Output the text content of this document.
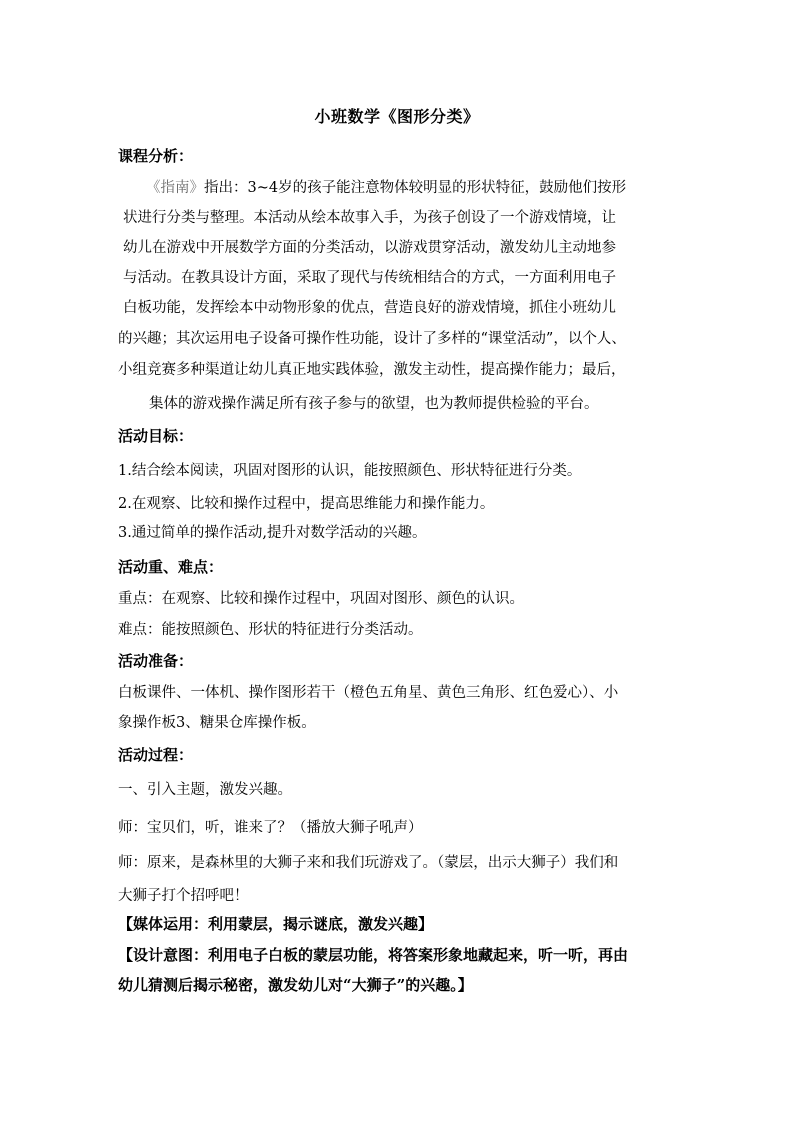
小班数学《图形分类》

课程分析：

《指南》指出：3~4岁的孩子能注意物体较明显的形状特征，鼓励他们按形

状进行分类与整理。本活动从绘本故事入手，为孩子创设了一个游戏情境，让

幼儿在游戏中开展数学方面的分类活动，以游戏贯穿活动，激发幼儿主动地参

与活动。在教具设计方面，采取了现代与传统相结合的方式，一方面利用电子

白板功能，发挥绘本中动物形象的优点，营造良好的游戏情境，抓住小班幼儿

的兴趣；其次运用电子设备可操作性功能，设计了多样的“课堂活动”，以个人、

小组竞赛多种渠道让幼儿真正地实践体验，激发主动性，提高操作能力；最后，

集体的游戏操作满足所有孩子参与的欲望，也为教师提供检验的平台。

活动目标：

1.结合绘本阅读，巩固对图形的认识，能按照颜色、形状特征进行分类。

2.在观察、比较和操作过程中，提高思维能力和操作能力。

3.通过简单的操作活动,提升对数学活动的兴趣。

活动重、难点：

重点：在观察、比较和操作过程中，巩固对图形、颜色的认识。

难点：能按照颜色、形状的特征进行分类活动。

活动准备：

白板课件、一体机、操作图形若干（橙色五角星、黄色三角形、红色爱心）、小

象操作板3、糖果仓库操作板。

活动过程：

一、引入主题，激发兴趣。

师：宝贝们，听，谁来了？（播放大狮子吼声）

师：原来，是森林里的大狮子来和我们玩游戏了。（蒙层，出示大狮子）我们和

大狮子打个招呼吧！

【媒体运用：利用蒙层，揭示谜底，激发兴趣】

【设计意图：利用电子白板的蒙层功能，将答案形象地藏起来，听一听，再由

幼儿猜测后揭示秘密，激发幼儿对“大狮子”的兴趣。】
